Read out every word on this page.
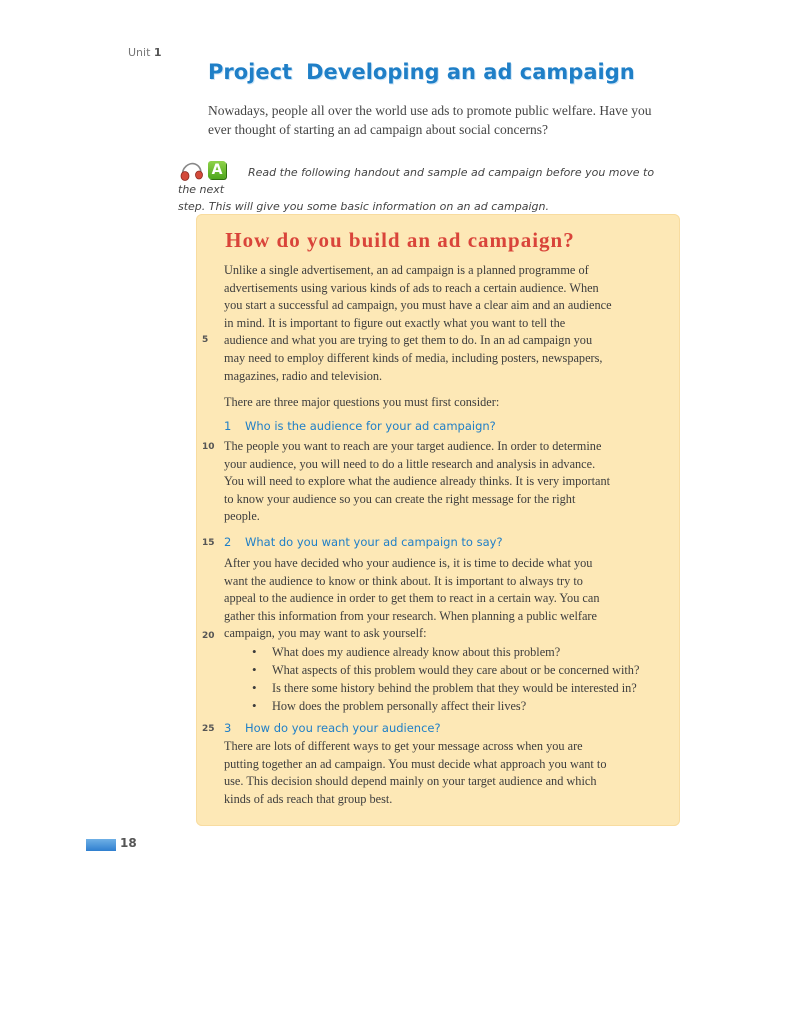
Unit 1
Project Developing an ad campaign
Nowadays, people all over the world use ads to promote public welfare. Have you
ever thought of starting an ad campaign about social concerns?
A	Read the following handout and sample ad campaign before you move to the next
step. This will give you some basic information on an ad campaign.

How do you build an ad campaign?

Unlike a single advertisement, an ad campaign is a planned programme of

advertisements using various kinds of ads to reach a certain audience. When

you start a successful ad campaign, you must have a clear aim and an audience

in mind. It is important to figure out exactly what you want to tell the

audience and what you are trying to get them to do. In an ad campaign you

may need to employ different kinds of media, including posters, newspapers,

magazines, radio and television.

5

There are three major questions you must first consider:

1 Who is the audience for your ad campaign?

The people you want to reach are your target audience. In order to determine

your audience, you will need to do a little research and analysis in advance.

You will need to explore what the audience already thinks. It is very important

to know your audience so you can create the right message for the right

people.

10
15 2 What do you want your ad campaign to say?

After you have decided who your audience is, it is time to decide what you

want the audience to know or think about. It is important to always try to

appeal to the audience in order to get them to react in a certain way. You can

gather this information from your research. When planning a public welfare

campaign, you may want to ask yourself:

20
• What does my audience already know about this problem?
• What aspects of this problem would they care about or be concerned with?
• Is there some history behind the problem that they would be interested in?
• How does the problem personally affect their lives?
25 3 How do you reach your audience?

There are lots of different ways to get your message across when you are

putting together an ad campaign. You must decide what approach you want to

use. This decision should depend mainly on your target audience and which

kinds of ads reach that group best.

18
